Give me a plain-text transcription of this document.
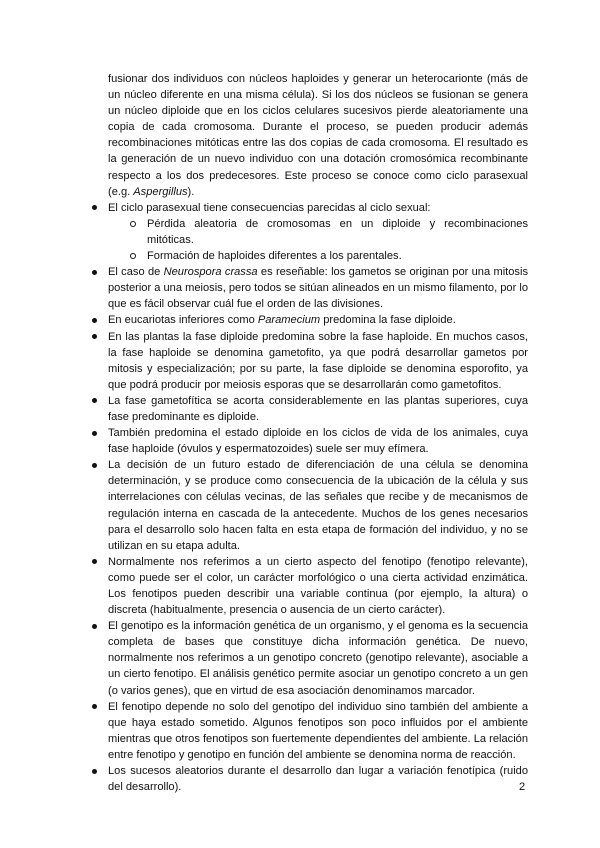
fusionar dos individuos con núcleos haploides y generar un heterocarionte (más de un núcleo diferente en una misma célula). Si los dos núcleos se fusionan se genera un núcleo diploide que en los ciclos celulares sucesivos pierde aleatoriamente una copia de cada cromosoma. Durante el proceso, se pueden producir además recombinaciones mitóticas entre las dos copias de cada cromosoma. El resultado es la generación de un nuevo individuo con una dotación cromosómica recombinante respecto a los dos predecesores. Este proceso se conoce como ciclo parasexual (e.g. Aspergillus).

El ciclo parasexual tiene consecuencias parecidas al ciclo sexual:
Pérdida aleatoria de cromosomas en un diploide y recombinaciones mitóticas.
Formación de haploides diferentes a los parentales.
El caso de Neurospora crassa es reseñable: los gametos se originan por una mitosis posterior a una meiosis, pero todos se sitúan alineados en un mismo filamento, por lo que es fácil observar cuál fue el orden de las divisiones.
En eucariotas inferiores como Paramecium predomina la fase diploide.
En las plantas la fase diploide predomina sobre la fase haploide. En muchos casos, la fase haploide se denomina gametofito, ya que podrá desarrollar gametos por mitosis y especialización; por su parte, la fase diploide se denomina esporofito, ya que podrá producir por meiosis esporas que se desarrollarán como gametofitos.
La fase gametofítica se acorta considerablemente en las plantas superiores, cuya fase predominante es diploide.
También predomina el estado diploide en los ciclos de vida de los animales, cuya fase haploide (óvulos y espermatozoides) suele ser muy efímera.
La decisión de un futuro estado de diferenciación de una célula se denomina determinación, y se produce como consecuencia de la ubicación de la célula y sus interrelaciones con células vecinas, de las señales que recibe y de mecanismos de regulación interna en cascada de la antecedente. Muchos de los genes necesarios para el desarrollo solo hacen falta en esta etapa de formación del individuo, y no se utilizan en su etapa adulta.
Normalmente nos referimos a un cierto aspecto del fenotipo (fenotipo relevante), como puede ser el color, un carácter morfológico o una cierta actividad enzimática. Los fenotipos pueden describir una variable continua (por ejemplo, la altura) o discreta (habitualmente, presencia o ausencia de un cierto carácter).
El genotipo es la información genética de un organismo, y el genoma es la secuencia completa de bases que constituye dicha información genética. De nuevo, normalmente nos referimos a un genotipo concreto (genotipo relevante), asociable a un cierto fenotipo. El análisis genético permite asociar un genotipo concreto a un gen (o varios genes), que en virtud de esa asociación denominamos marcador.
El fenotipo depende no solo del genotipo del individuo sino también del ambiente a que haya estado sometido. Algunos fenotipos son poco influidos por el ambiente mientras que otros fenotipos son fuertemente dependientes del ambiente. La relación entre fenotipo y genotipo en función del ambiente se denomina norma de reacción.
Los sucesos aleatorios durante el desarrollo dan lugar a variación fenotípica (ruido del desarrollo).	2
